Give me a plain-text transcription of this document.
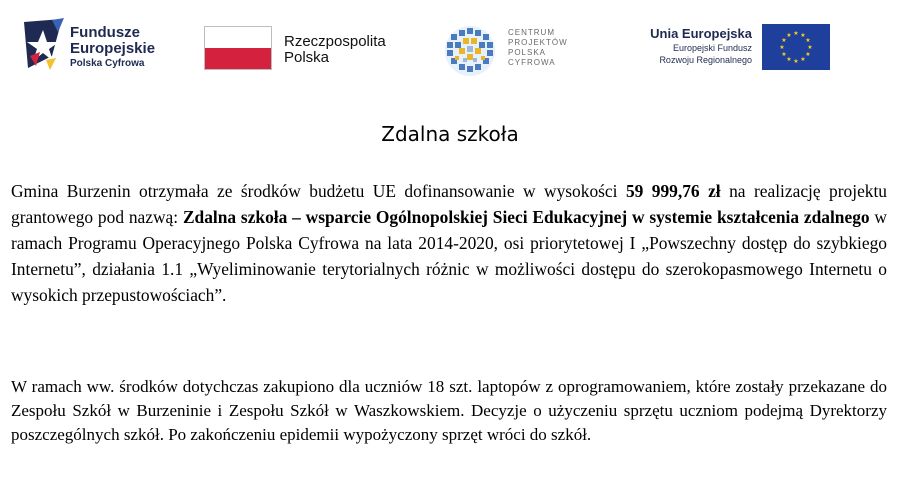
Fundusze
Europejskie
Polska Cyfrowa
Rzeczpospolita
Polska
CENTRUM
PROJEKTÓW
POLSKA
CYFROWA
Unia Europejska
Europejski Fundusz
Rozwoju Regionalnego
★ ★
★
★
★
★
★
★
★
★
★
★
Zdalna szkoła

Gmina Burzenin otrzymała ze środków budżetu UE dofinansowanie w wysokości 59 999,76 zł na realizację projektu grantowego pod nazwą: Zdalna szkoła – wsparcie Ogólnopolskiej Sieci Edukacyjnej w systemie kształcenia zdalnego w ramach Programu Operacyjnego Polska Cyfrowa na lata 2014-2020, osi priorytetowej I „Powszechny dostęp do szybkiego Internetu”, działania 1.1 „Wyeliminowanie terytorialnych różnic w możliwości dostępu do szerokopasmowego Internetu o wysokich przepustowościach”.

W ramach ww. środków dotychczas zakupiono dla uczniów 18 szt. laptopów z oprogramowaniem, które zostały przekazane do Zespołu Szkół w Burzeninie i Zespołu Szkół w Waszkowskiem. Decyzje o użyczeniu sprzętu uczniom podejmą Dyrektorzy poszczególnych szkół. Po zakończeniu epidemii wypożyczony sprzęt wróci do szkół.
